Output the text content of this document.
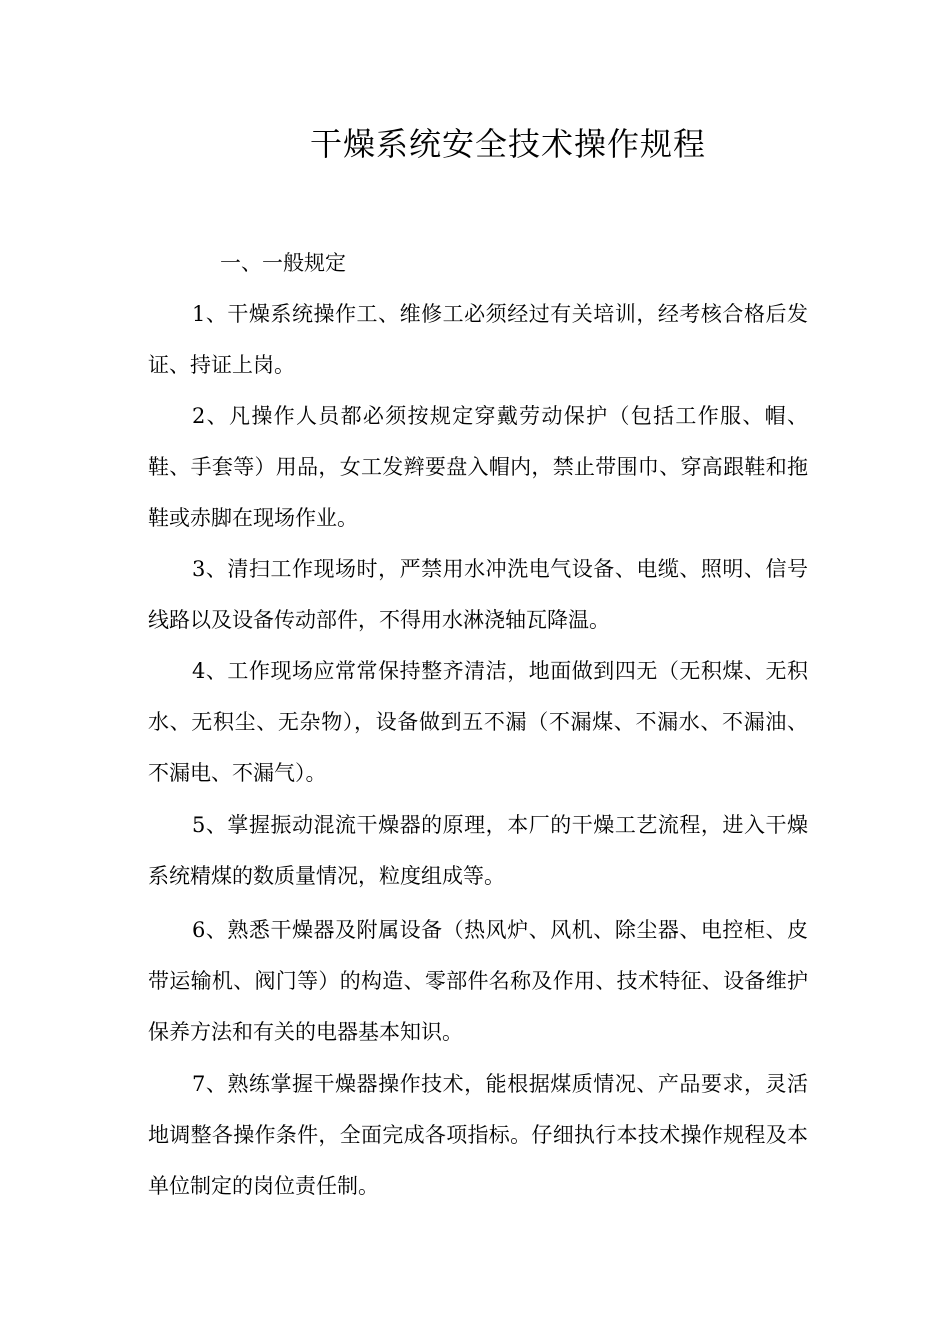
干燥系统安全技术操作规程
一、一般规定

1、干燥系统操作工、维修工必须经过有关培训，经考核合格后发证、持证上岗。

2、凡操作人员都必须按规定穿戴劳动保护（包括工作服、帽、鞋、手套等）用品，女工发辫要盘入帽内，禁止带围巾、穿高跟鞋和拖鞋或赤脚在现场作业。

3、清扫工作现场时，严禁用水冲洗电气设备、电缆、照明、信号线路以及设备传动部件，不得用水淋浇轴瓦降温。

4、工作现场应常常保持整齐清洁，地面做到四无（无积煤、无积水、无积尘、无杂物），设备做到五不漏（不漏煤、不漏水、不漏油、不漏电、不漏气）。

5、掌握振动混流干燥器的原理，本厂的干燥工艺流程，进入干燥系统精煤的数质量情况，粒度组成等。

6、熟悉干燥器及附属设备（热风炉、风机、除尘器、电控柜、皮带运输机、阀门等）的构造、零部件名称及作用、技术特征、设备维护保养方法和有关的电器基本知识。

7、熟练掌握干燥器操作技术，能根据煤质情况、产品要求，灵活地调整各操作条件，全面完成各项指标。仔细执行本技术操作规程及本单位制定的岗位责任制。
